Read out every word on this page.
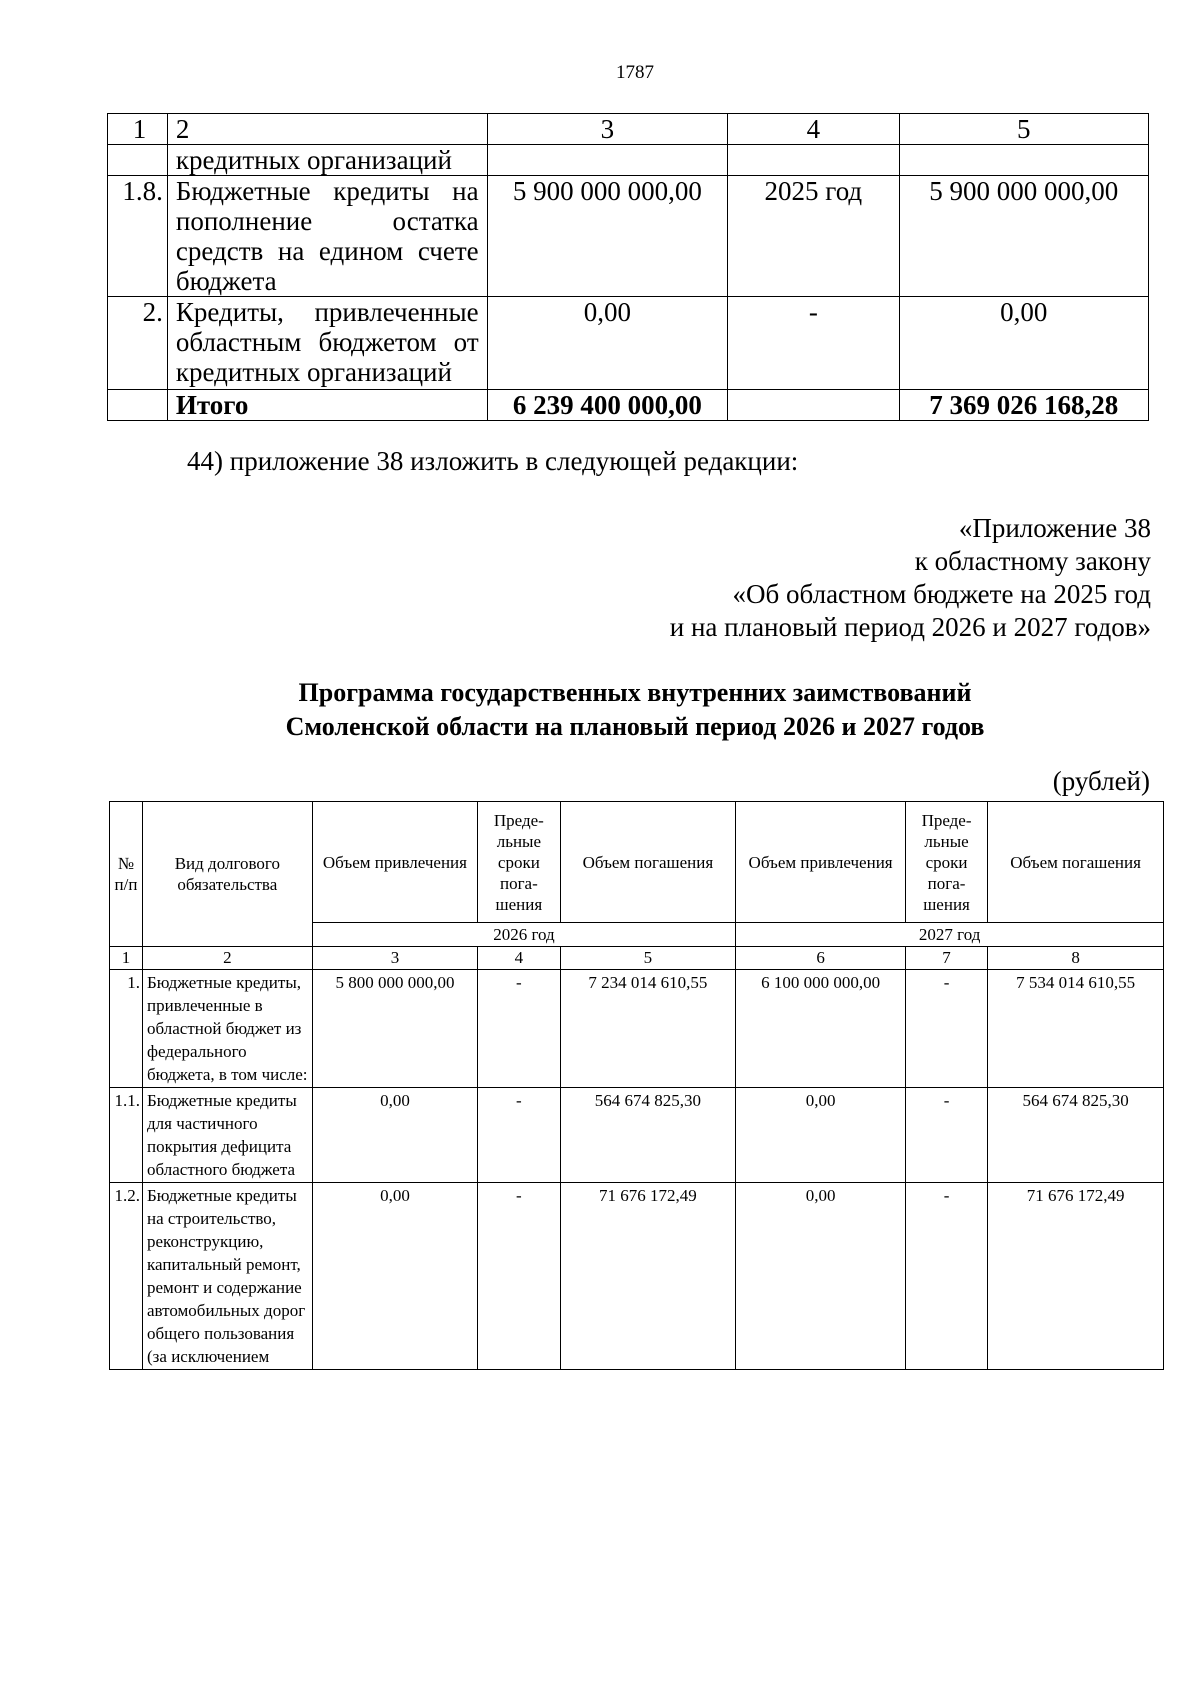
1787
1	2	3	4	5
	кредитных организаций			
1.8.	Бюджетные кредиты на пополнение остатка средств на едином счете бюджета	5 900 000 000,00	2025 год	5 900 000 000,00
2.	Кредиты, привлеченные областным бюджетом от кредитных организаций	0,00	-	0,00
	Итого	6 239 400 000,00		7 369 026 168,28
44) приложение 38 изложить в следующей редакции:
«Приложение 38
к областному закону
«Об областном бюджете на 2025 год
и на плановый период 2026 и 2027 годов»
Программа государственных внутренних заимствований
Смоленской области на плановый период 2026 и 2027 годов
(рублей)
№ п/п	Вид долгового обязательства	Объем привлечения	Преде-льные сроки пога-шения	Объем погашения	Объем привлечения	Преде-льные сроки пога-шения	Объем погашения
		2026 год			2027 год		
1	2	3	4	5	6	7	8
1.	Бюджетные кредиты, привлеченные в областной бюджет из федерального бюджета, в том числе:	5 800 000 000,00	-	7 234 014 610,55	6 100 000 000,00	-	7 534 014 610,55
1.1.	Бюджетные кредиты для частичного покрытия дефицита областного бюджета	0,00	-	564 674 825,30	0,00	-	564 674 825,30
1.2.	Бюджетные кредиты на строительство, реконструкцию, капитальный ремонт, ремонт и содержание автомобильных дорог общего пользования (за исключением	0,00	-	71 676 172,49	0,00	-	71 676 172,49
